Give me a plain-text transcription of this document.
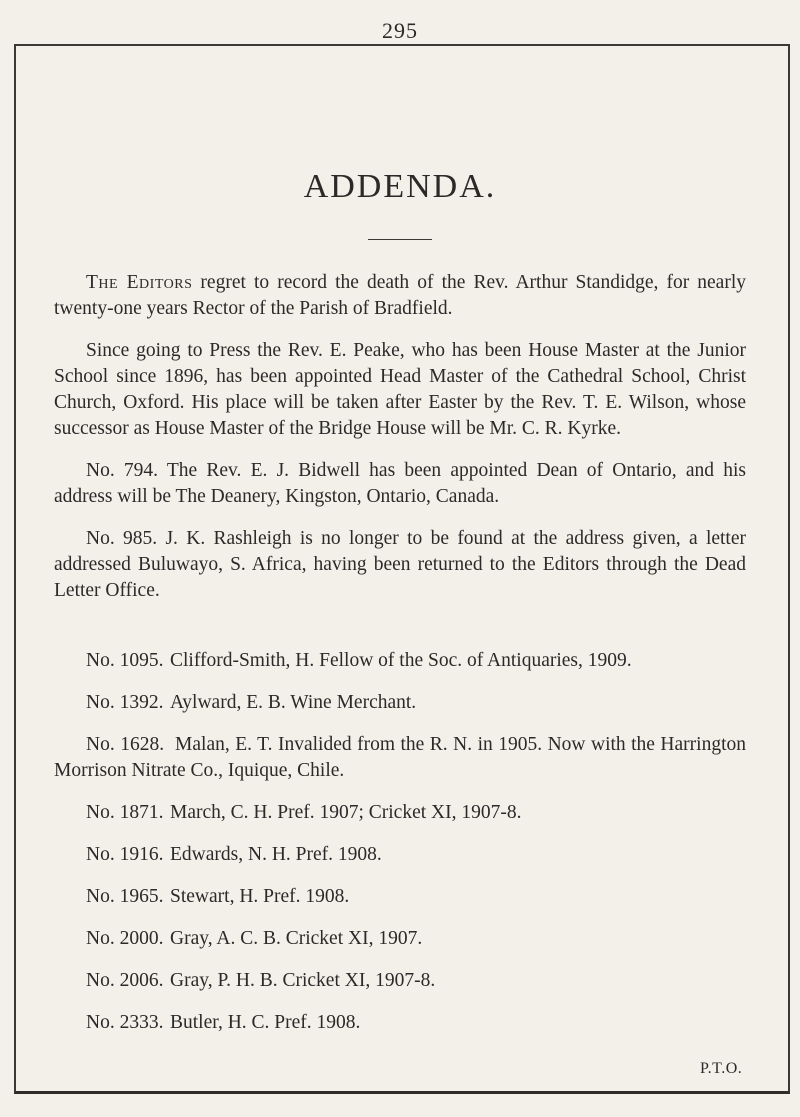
295
ADDENDA.

The Editors regret to record the death of the Rev. Arthur Standidge, for nearly twenty-one years Rector of the Parish of Bradfield.

Since going to Press the Rev. E. Peake, who has been House Master at the Junior School since 1896, has been appointed Head Master of the Cathedral School, Christ Church, Oxford. His place will be taken after Easter by the Rev. T. E. Wilson, whose successor as House Master of the Bridge House will be Mr. C. R. Kyrke.

No. 794. The Rev. E. J. Bidwell has been appointed Dean of Ontario, and his address will be The Deanery, Kingston, Ontario, Canada.

No. 985. J. K. Rashleigh is no longer to be found at the address given, a letter addressed Buluwayo, S. Africa, having been returned to the Editors through the Dead Letter Office.

No. 1095. Clifford-Smith, H. Fellow of the Soc. of Antiquaries, 1909.
No. 1392. Aylward, E. B. Wine Merchant.
No. 1628. Malan, E. T. Invalided from the R. N. in 1905. Now with the Harrington Morrison Nitrate Co., Iquique, Chile.
No. 1871. March, C. H. Pref. 1907; Cricket XI, 1907-8.
No. 1916. Edwards, N. H. Pref. 1908.
No. 1965. Stewart, H. Pref. 1908.
No. 2000. Gray, A. C. B. Cricket XI, 1907.
No. 2006. Gray, P. H. B. Cricket XI, 1907-8.
No. 2333. Butler, H. C. Pref. 1908.
P.T.O.
